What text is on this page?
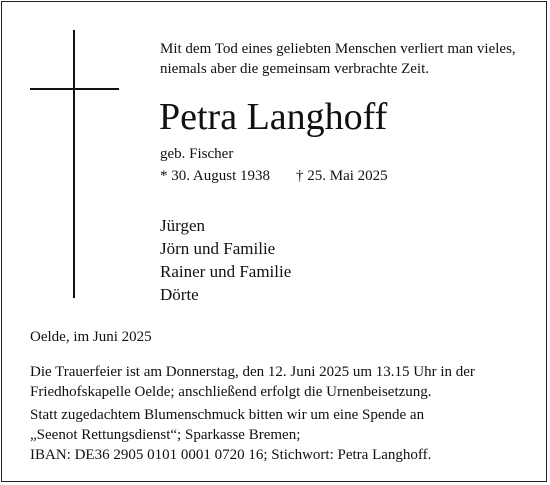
Mit dem Tod eines geliebten Menschen verliert man vieles,
niemals aber die gemeinsam verbrachte Zeit.
Petra Langhoff
geb. Fischer
* 30. August 1938 † 25. Mai 2025
Jürgen
Jörn und Familie
Rainer und Familie
Dörte
Oelde, im Juni 2025
Die Trauerfeier ist am Donnerstag, den 12. Juni 2025 um 13.15 Uhr in der
Friedhofskapelle Oelde; anschließend erfolgt die Urnenbeisetzung.
Statt zugedachtem Blumenschmuck bitten wir um eine Spende an
„Seenot Rettungsdienst“; Sparkasse Bremen;
IBAN: DE36 2905 0101 0001 0720 16; Stichwort: Petra Langhoff.
